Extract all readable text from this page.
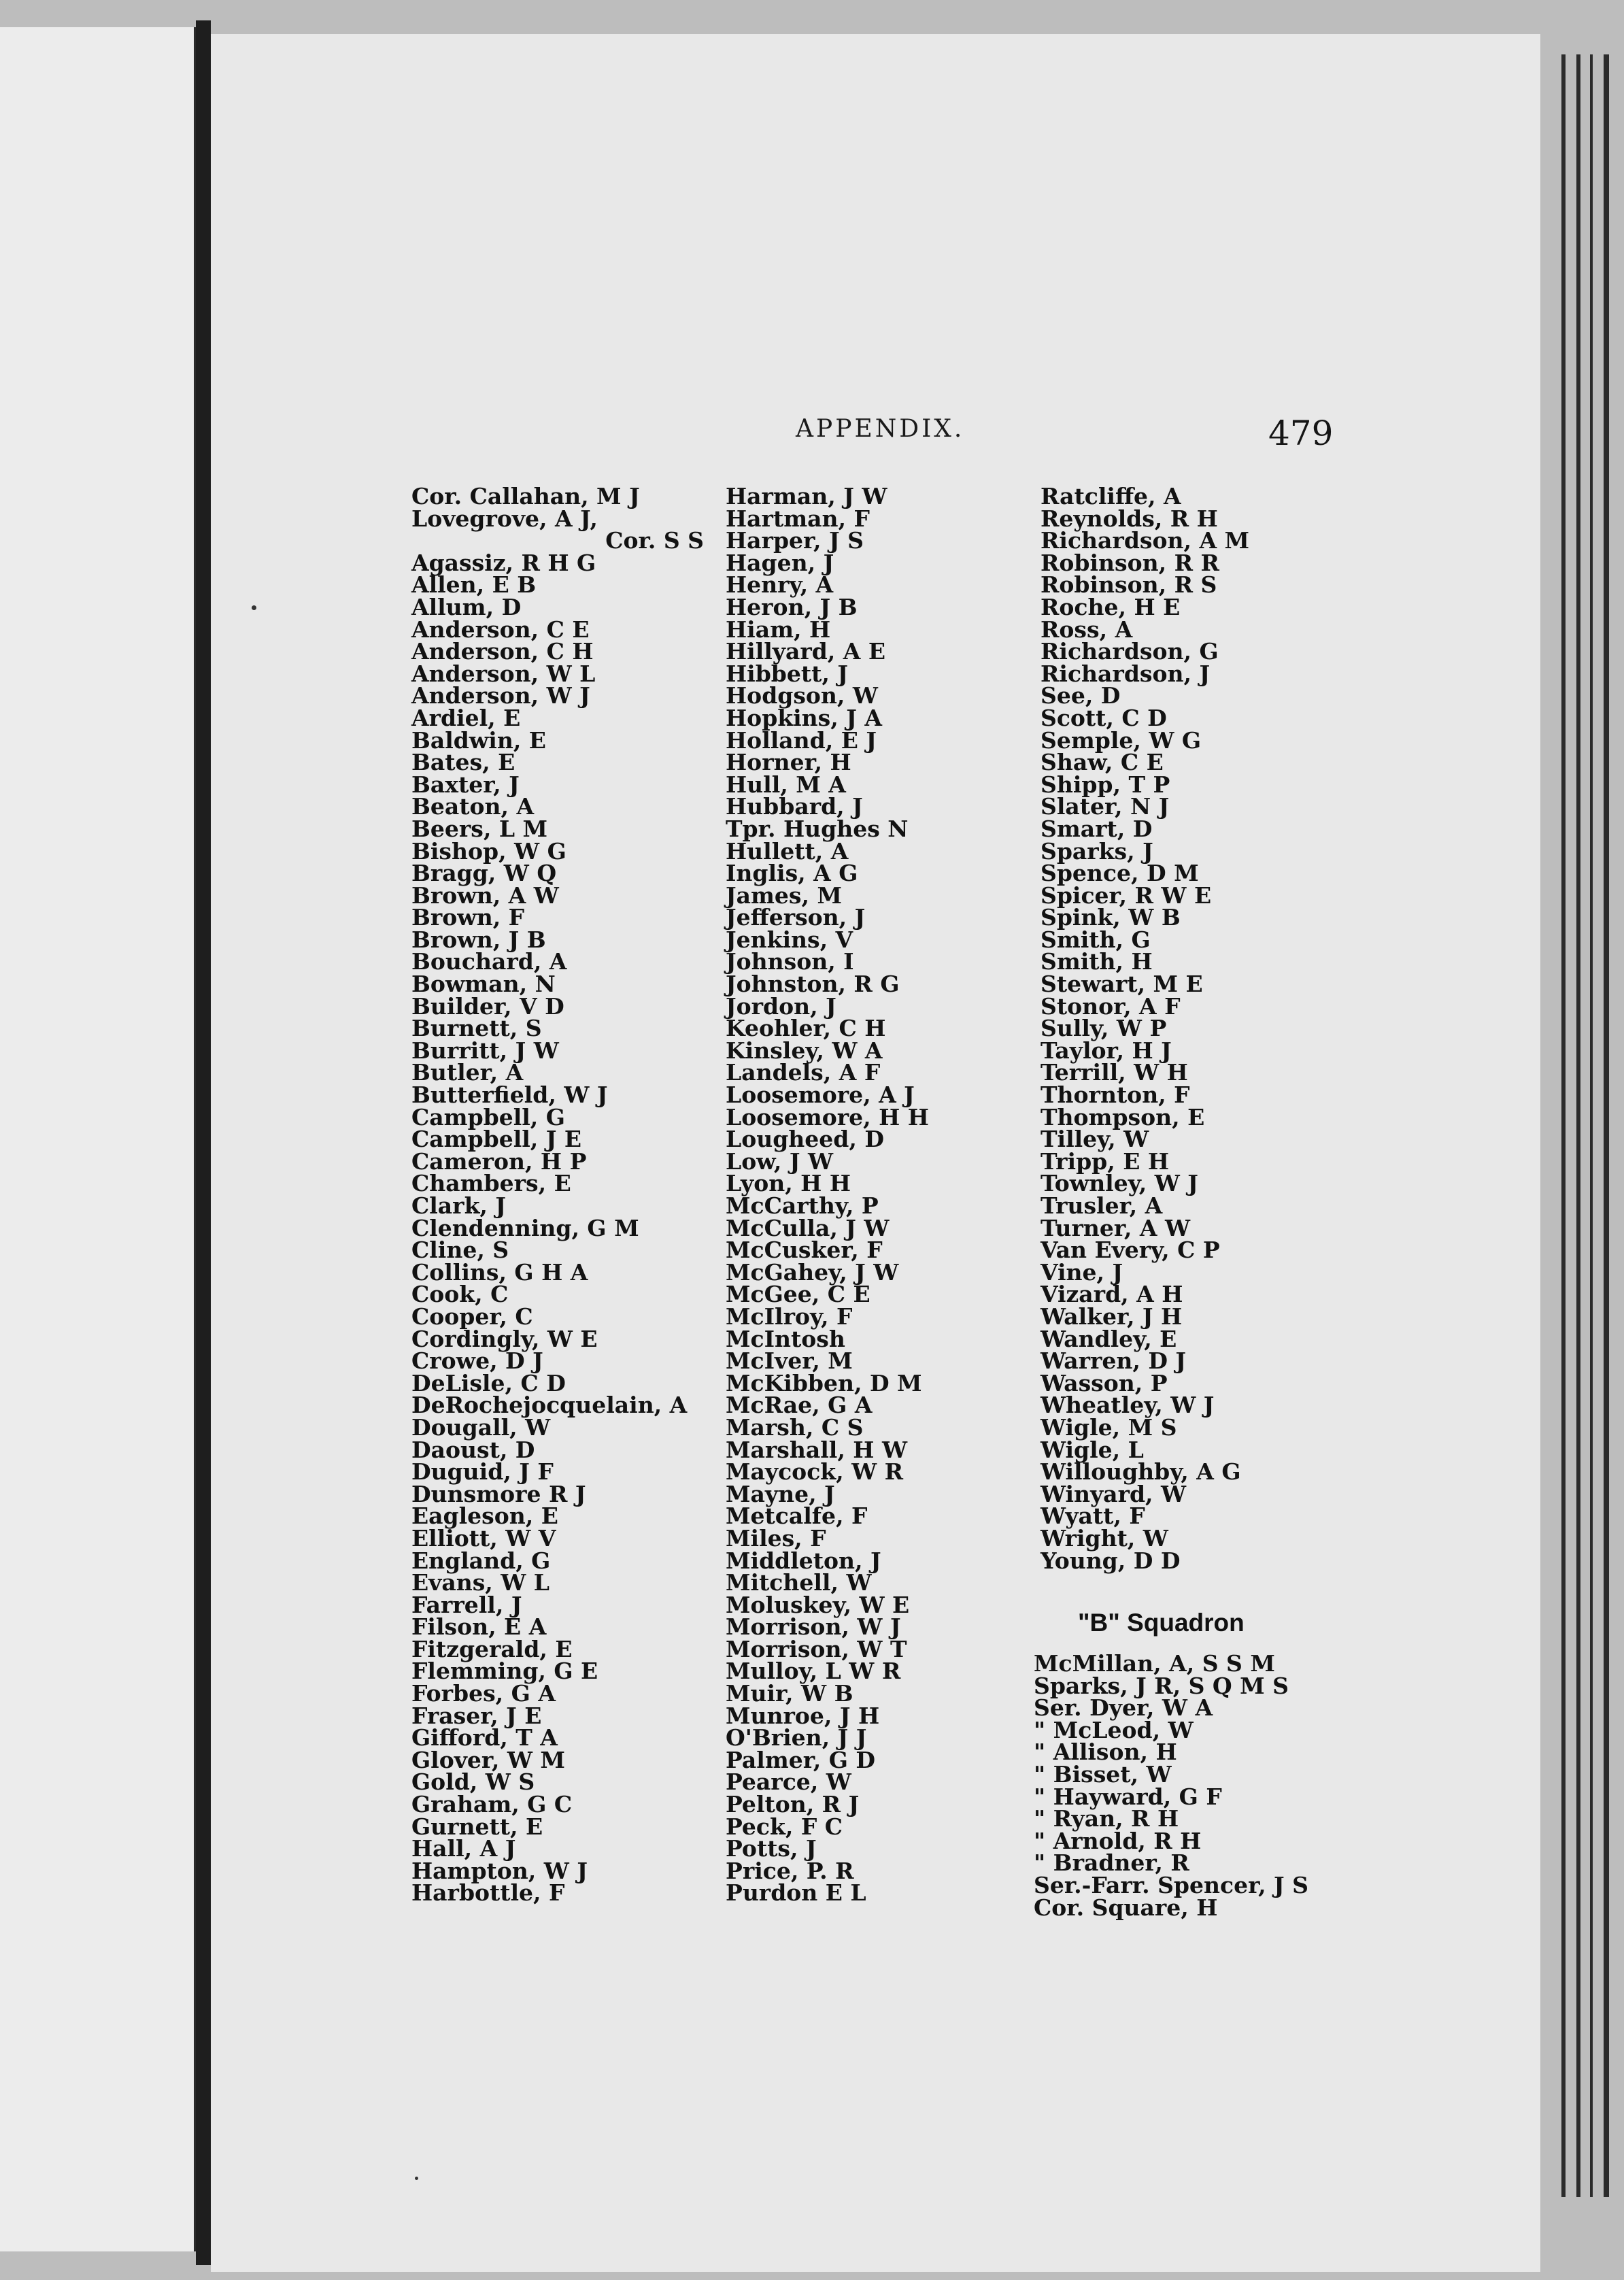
APPENDIX.	479
Cor. Callahan, M J
Lovegrove, A J,
Cor. S S
Agassiz, R H G
Allen, E B
Allum, D
Anderson, C E
Anderson, C H
Anderson, W L
Anderson, W J
Ardiel, E
Baldwin, E
Bates, E
Baxter, J
Beaton, A
Beers, L M
Bishop, W G
Bragg, W Q
Brown, A W
Brown, F
Brown, J B
Bouchard, A
Bowman, N
Builder, V D
Burnett, S
Burritt, J W
Butler, A
Butterfield, W J
Campbell, G
Campbell, J E
Cameron, H P
Chambers, E
Clark, J
Clendenning, G M
Cline, S
Collins, G H A
Cook, C
Cooper, C
Cordingly, W E
Crowe, D J
DeLisle, C D
DeRochejocquelain, A
Dougall, W
Daoust, D
Duguid, J F
Dunsmore R J
Eagleson, E
Elliott, W V
England, G
Evans, W L
Farrell, J
Filson, E A
Fitzgerald, E
Flemming, G E
Forbes, G A
Fraser, J E
Gifford, T A
Glover, W M
Gold, W S
Graham, G C
Gurnett, E
Hall, A J
Hampton, W J
Harbottle, F
Harman, J W
Hartman, F
Harper, J S
Hagen, J
Henry, A
Heron, J B
Hiam, H
Hillyard, A E
Hibbett, J
Hodgson, W
Hopkins, J A
Holland, E J
Horner, H
Hull, M A
Hubbard, J
Tpr. Hughes N
Hullett, A
Inglis, A G
James, M
Jefferson, J
Jenkins, V
Johnson, I
Johnston, R G
Jordon, J
Keohler, C H
Kinsley, W A
Landels, A F
Loosemore, A J
Loosemore, H H
Lougheed, D
Low, J W
Lyon, H H
McCarthy, P
McCulla, J W
McCusker, F
McGahey, J W
McGee, C E
McIlroy, F
McIntosh
McIver, M
McKibben, D M
McRae, G A
Marsh, C S
Marshall, H W
Maycock, W R
Mayne, J
Metcalfe, F
Miles, F
Middleton, J
Mitchell, W
Moluskey, W E
Morrison, W J
Morrison, W T
Mulloy, L W R
Muir, W B
Munroe, J H
O'Brien, J J
Palmer, G D
Pearce, W
Pelton, R J
Peck, F C
Potts, J
Price, P. R
Purdon E L
Ratcliffe, A
Reynolds, R H
Richardson, A M
Robinson, R R
Robinson, R S
Roche, H E
Ross, A
Richardson, G
Richardson, J
See, D
Scott, C D
Semple, W G
Shaw, C E
Shipp, T P
Slater, N J
Smart, D
Sparks, J
Spence, D M
Spicer, R W E
Spink, W B
Smith, G
Smith, H
Stewart, M E
Stonor, A F
Sully, W P
Taylor, H J
Terrill, W H
Thornton, F
Thompson, E
Tilley, W
Tripp, E H
Townley, W J
Trusler, A
Turner, A W
Van Every, C P
Vine, J
Vizard, A H
Walker, J H
Wandley, E
Warren, D J
Wasson, P
Wheatley, W J
Wigle, M S
Wigle, L
Willoughby, A G
Winyard, W
Wyatt, F
Wright, W
Young, D D
"B" Squadron
McMillan, A, S S M
Sparks, J R, S Q M S
Ser. Dyer, W A
" McLeod, W
" Allison, H
" Bisset, W
" Hayward, G F
" Ryan, R H
" Arnold, R H
" Bradner, R
Ser.-Farr. Spencer, J S
Cor. Square, H
